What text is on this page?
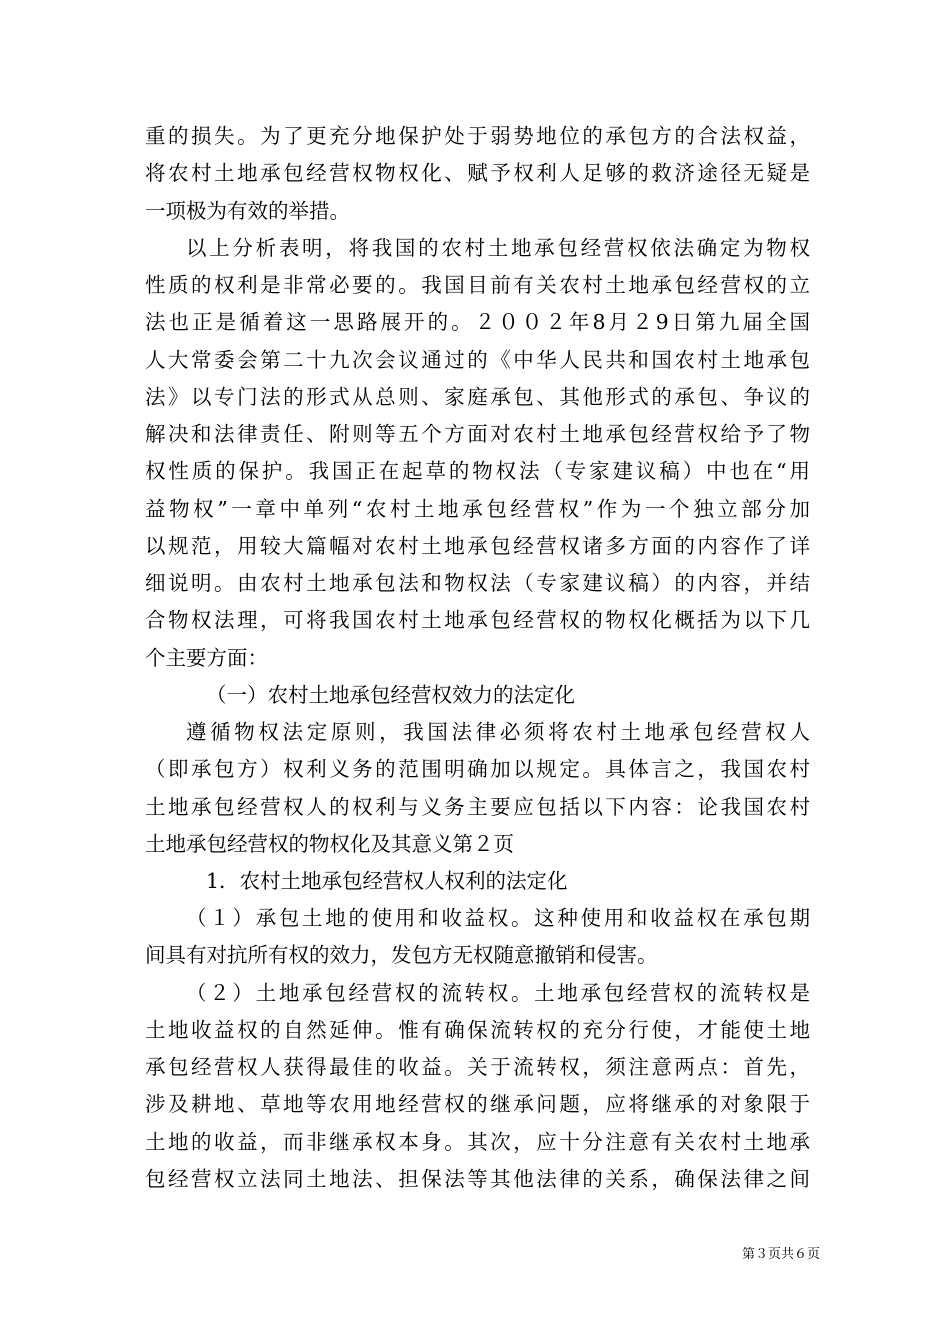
重的损失。为了更充分地保护处于弱势地位的承包方的合法权益，
将农村土地承包经营权物权化、赋予权利人足够的救济途径无疑是
一项极为有效的举措。
以上分析表明，将我国的农村土地承包经营权依法确定为物权
性质的权利是非常必要的。我国目前有关农村土地承包经营权的立
法也正是循着这一思路展开的。２００２年8月２9日第九届全国
人大常委会第二十九次会议通过的《中华人民共和国农村土地承包
法》以专门法的形式从总则、家庭承包、其他形式的承包、争议的
解决和法律责任、附则等五个方面对农村土地承包经营权给予了物
权性质的保护。我国正在起草的物权法（专家建议稿）中也在“用
益物权”一章中单列“农村土地承包经营权”作为一个独立部分加
以规范，用较大篇幅对农村土地承包经营权诸多方面的内容作了详
细说明。由农村土地承包法和物权法（专家建议稿）的内容，并结
合物权法理，可将我国农村土地承包经营权的物权化概括为以下几
个主要方面：
（一）农村土地承包经营权效力的法定化
遵循物权法定原则，我国法律必须将农村土地承包经营权人
（即承包方）权利义务的范围明确加以规定。具体言之，我国农村
土地承包经营权人的权利与义务主要应包括以下内容：论我国农村
土地承包经营权的物权化及其意义第２页
1．农村土地承包经营权人权利的法定化
（１）承包土地的使用和收益权。这种使用和收益权在承包期
间具有对抗所有权的效力，发包方无权随意撤销和侵害。
（２）土地承包经营权的流转权。土地承包经营权的流转权是
土地收益权的自然延伸。惟有确保流转权的充分行使，才能使土地
承包经营权人获得最佳的收益。关于流转权，须注意两点：首先，
涉及耕地、草地等农用地经营权的继承问题，应将继承的对象限于
土地的收益，而非继承权本身。其次，应十分注意有关农村土地承
包经营权立法同土地法、担保法等其他法律的关系，确保法律之间
第３页共６页
